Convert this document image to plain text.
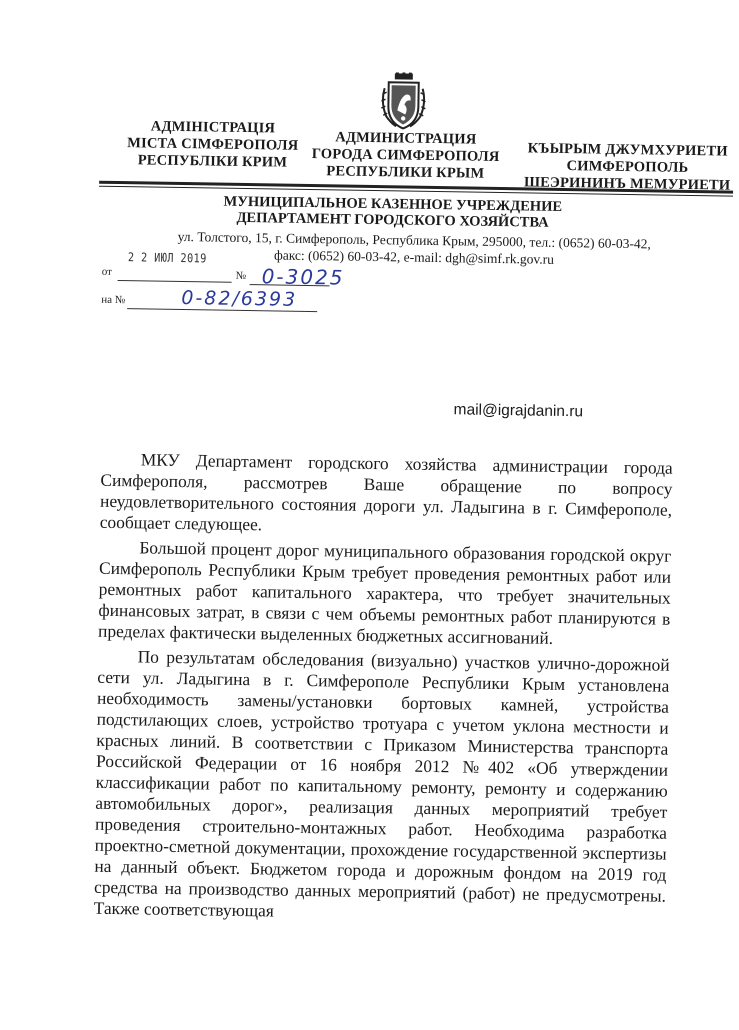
АДМІНІСТРАЦІЯ
МІСТА СІМФЕРОПОЛЯ
РЕСПУБЛІКИ КРИМ
АДМИНИСТРАЦИЯ
ГОРОДА СИМФЕРОПОЛЯ
РЕСПУБЛИКИ КРЫМ
КЪЫРЫМ ДЖУМХУРИЕТИ
СИМФЕРОПОЛЬ
ШЕЭРИНИНЪ МЕМУРИЕТИ
МУНИЦИПАЛЬНОЕ КАЗЕННОЕ УЧРЕЖДЕНИЕ
ДЕПАРТАМЕНТ ГОРОДСКОГО ХОЗЯЙСТВА
ул. Толстого, 15, г. Симферополь, Республика Крым, 295000, тел.: (0652) 60-03-42,
факс: (0652) 60-03-42, e-mail: dgh@simf.rk.gov.ru
2 2 ИЮЛ 2019
от	№ 0-3025
на №	0-82/6393
mail@igrajdanin.ru

МКУ Департамент городского хозяйства администрации города Симферополя, рассмотрев Ваше обращение по вопросу неудовлетворительного состояния дороги ул. Ладыгина в г. Симферополе, сообщает следующее.

Большой процент дорог муниципального образования городской округ Симферополь Республики Крым требует проведения ремонтных работ или ремонтных работ капитального характера, что требует значительных финансовых затрат, в связи с чем объемы ремонтных работ планируются в пределах фактически выделенных бюджетных ассигнований.

По результатам обследования (визуально) участков улично-дорожной сети ул. Ладыгина в г. Симферополе Республики Крым установлена необходимость замены/установки бортовых камней, устройства подстилающих слоев, устройство тротуара с учетом уклона местности и красных линий. В соответствии с Приказом Министерства транспорта Российской Федерации от 16 ноября 2012 №402 «Об утверждении классификации работ по капитальному ремонту, ремонту и содержанию автомобильных дорог», реализация данных мероприятий требует проведения строительно-монтажных работ. Необходима разработка проектно-сметной документации, прохождение государственной экспертизы на данный объект. Бюджетом города и дорожным фондом на 2019 год средства на производство данных мероприятий (работ) не предусмотрены. Также соответствующая
